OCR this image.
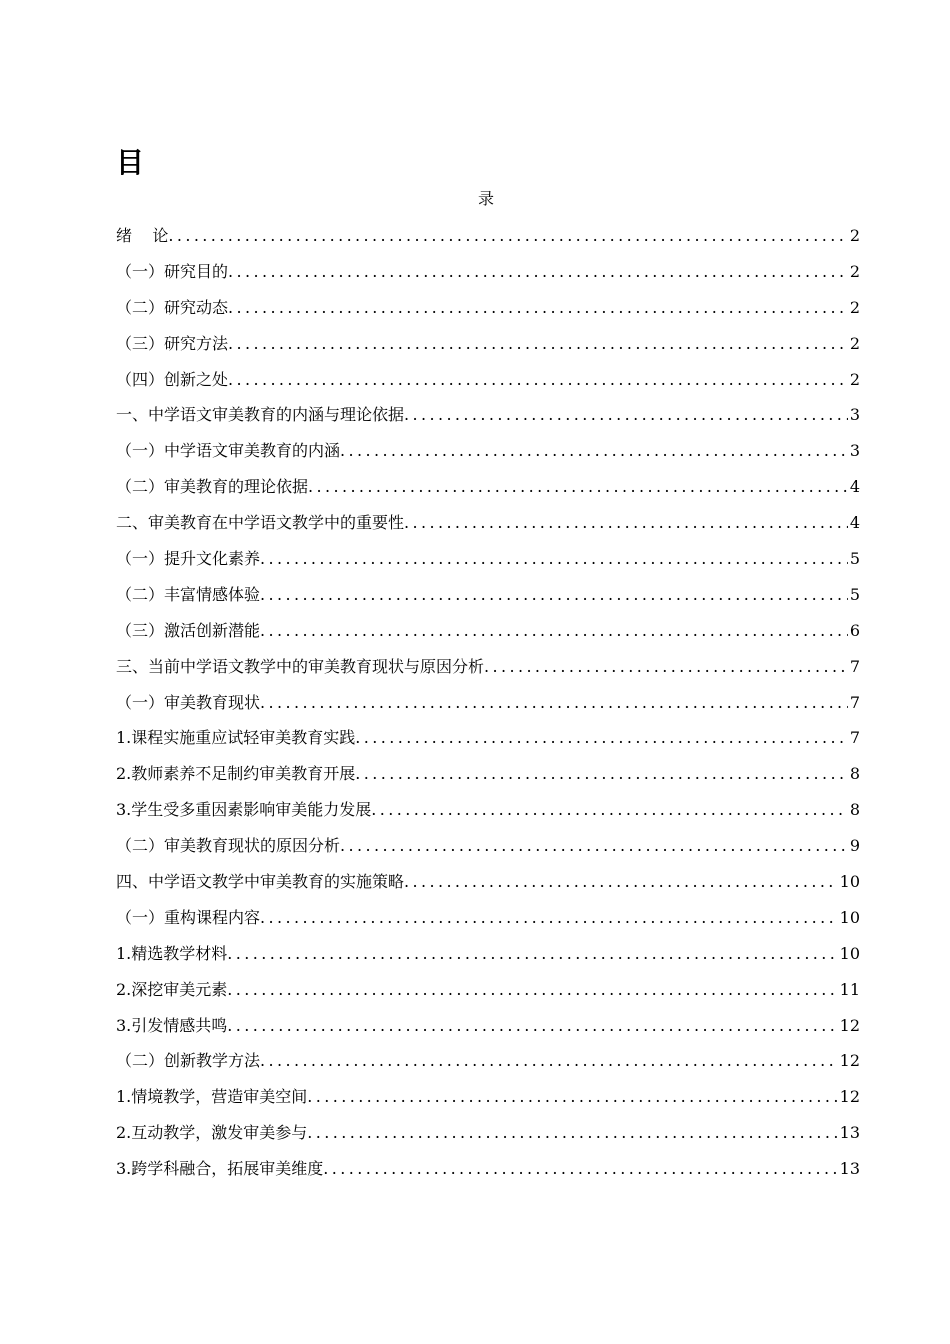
目
录
绪    论 .....	2
（一）研究目的 .....	2
（二）研究动态 .....	2
（三）研究方法 .....	2
（四）创新之处 .....	2
一、中学语文审美教育的内涵与理论依据 .....	3
（一）中学语文审美教育的内涵 .....	3
（二）审美教育的理论依据 .....	4
二、审美教育在中学语文教学中的重要性 .....	4
（一）提升文化素养 .....	5
（二）丰富情感体验 .....	5
（三）激活创新潜能 .....	6
三、当前中学语文教学中的审美教育现状与原因分析 .....	7
（一）审美教育现状 .....	7
1.课程实施重应试轻审美教育实践 .....	7
2.教师素养不足制约审美教育开展 .....	8
3.学生受多重因素影响审美能力发展 .....	8
（二）审美教育现状的原因分析 .....	9
四、中学语文教学中审美教育的实施策略 .....	10
（一）重构课程内容 .....	10
1.精选教学材料 .....	10
2.深挖审美元素 .....	11
3.引发情感共鸣 .....	12
（二）创新教学方法 .....	12
1.情境教学，营造审美空间 .....	12
2.互动教学，激发审美参与 .....	13
3.跨学科融合，拓展审美维度 .....	13
